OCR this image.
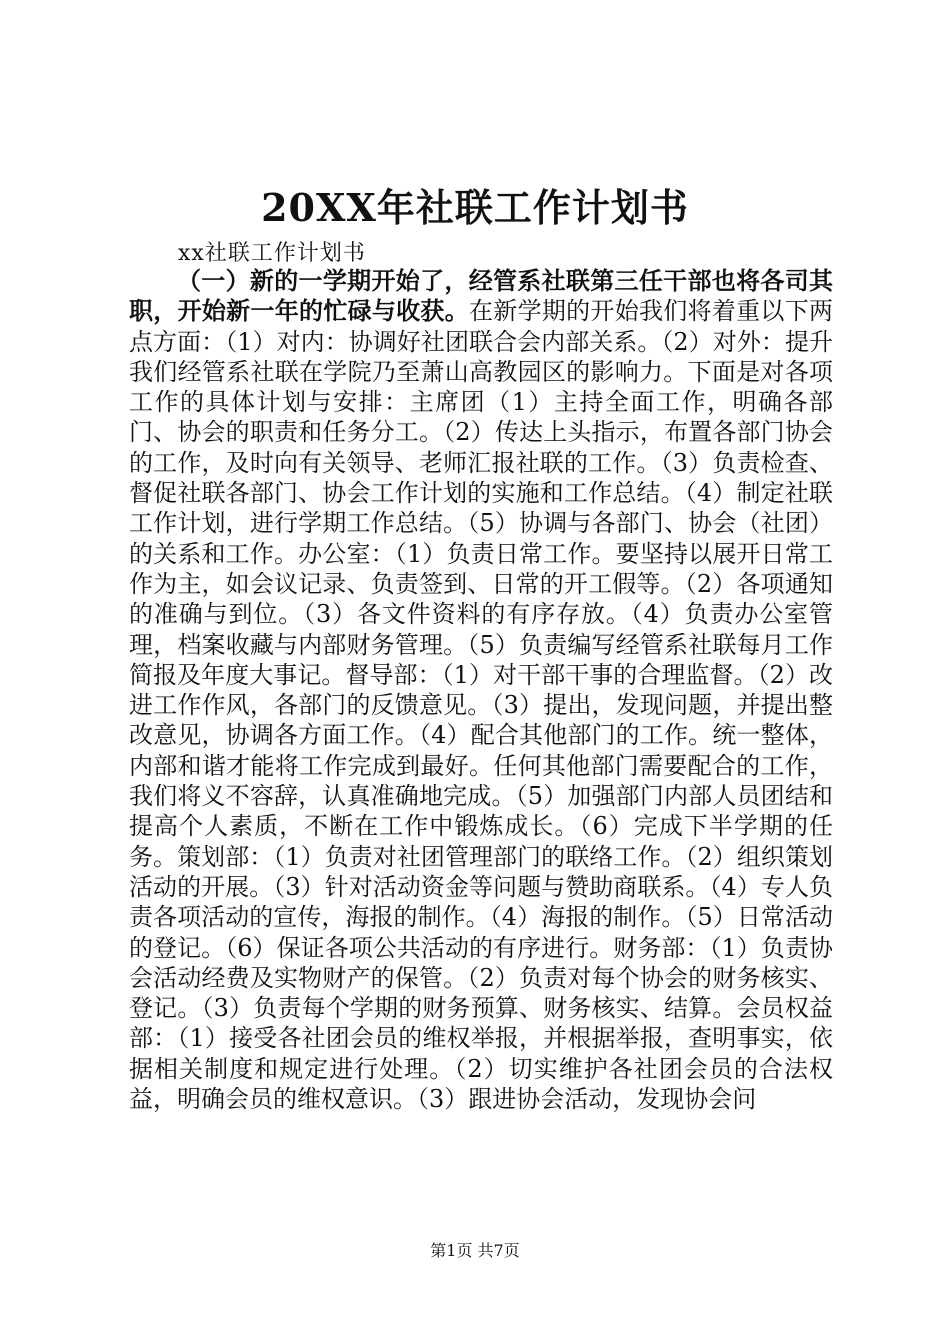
20XX年社联工作计划书
xx社联工作计划书
（一）新的一学期开始了，经管系社联第三任干部也将各司其职，开始新一年的忙碌与收获。在新学期的开始我们将着重以下两点方面：（1）对内：协调好社团联合会内部关系。（2）对外：提升我们经管系社联在学院乃至萧山高教园区的影响力。下面是对各项工作的具体计划与安排：主席团（1）主持全面工作，明确各部门、协会的职责和任务分工。（2）传达上头指示，布置各部门协会的工作，及时向有关领导、老师汇报社联的工作。（3）负责检查、督促社联各部门、协会工作计划的实施和工作总结。（4）制定社联工作计划，进行学期工作总结。（5）协调与各部门、协会（社团）的关系和工作。办公室：（1）负责日常工作。要坚持以展开日常工作为主，如会议记录、负责签到、日常的开工假等。（2）各项通知的准确与到位。（3）各文件资料的有序存放。（4）负责办公室管理，档案收藏与内部财务管理。（5）负责编写经管系社联每月工作简报及年度大事记。督导部：（1）对干部干事的合理监督。（2）改进工作作风，各部门的反馈意见。（3）提出，发现问题，并提出整改意见，协调各方面工作。（4）配合其他部门的工作。统一整体，内部和谐才能将工作完成到最好。任何其他部门需要配合的工作，我们将义不容辞，认真准确地完成。（5）加强部门内部人员团结和提高个人素质，不断在工作中锻炼成长。（6）完成下半学期的任务。策划部：（1）负责对社团管理部门的联络工作。（2）组织策划活动的开展。（3）针对活动资金等问题与赞助商联系。（4）专人负责各项活动的宣传，海报的制作。（4）海报的制作。（5）日常活动的登记。（6）保证各项公共活动的有序进行。财务部：（1）负责协会活动经费及实物财产的保管。（2）负责对每个协会的财务核实、登记。（3）负责每个学期的财务预算、财务核实、结算。会员权益部：（1）接受各社团会员的维权举报，并根据举报，查明事实，依据相关制度和规定进行处理。（2）切实维护各社团会员的合法权益，明确会员的维权意识。（3）跟进协会活动，发现协会问
第1页 共7页
